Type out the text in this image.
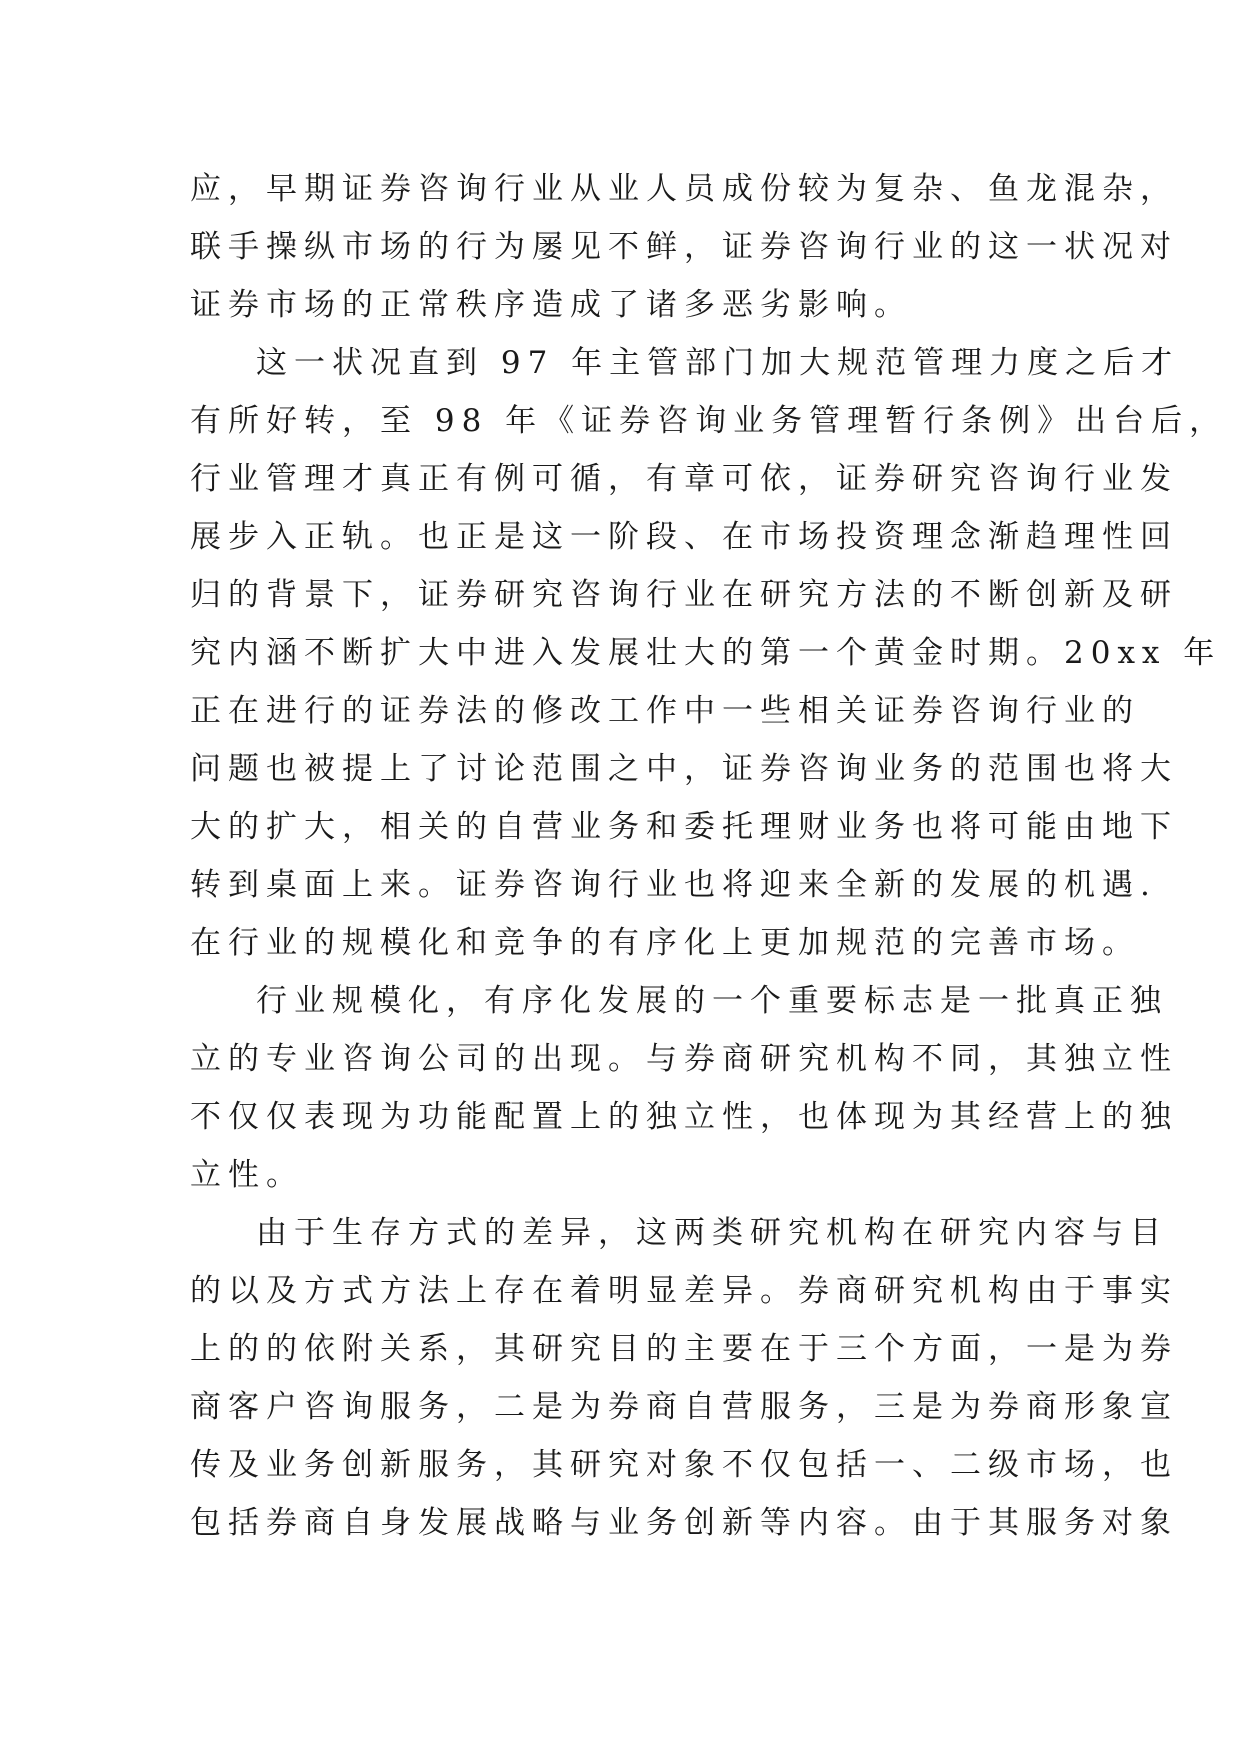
应，早期证券咨询行业从业人员成份较为复杂、鱼龙混杂，
联手操纵市场的行为屡见不鲜，证券咨询行业的这一状况对
证券市场的正常秩序造成了诸多恶劣影响。
这一状况直到 97 年主管部门加大规范管理力度之后才
有所好转，至 98 年《证券咨询业务管理暂行条例》出台后，
行业管理才真正有例可循，有章可依，证券研究咨询行业发
展步入正轨。也正是这一阶段、在市场投资理念渐趋理性回
归的背景下，证券研究咨询行业在研究方法的不断创新及研
究内涵不断扩大中进入发展壮大的第一个黄金时期。20xx 年
正在进行的证券法的修改工作中一些相关证券咨询行业的
问题也被提上了讨论范围之中，证券咨询业务的范围也将大
大的扩大，相关的自营业务和委托理财业务也将可能由地下
转到桌面上来。证券咨询行业也将迎来全新的发展的机遇.
在行业的规模化和竞争的有序化上更加规范的完善市场。
行业规模化，有序化发展的一个重要标志是一批真正独
立的专业咨询公司的出现。与券商研究机构不同，其独立性
不仅仅表现为功能配置上的独立性，也体现为其经营上的独
立性。
由于生存方式的差异，这两类研究机构在研究内容与目
的以及方式方法上存在着明显差异。券商研究机构由于事实
上的的依附关系，其研究目的主要在于三个方面，一是为券
商客户咨询服务，二是为券商自营服务，三是为券商形象宣
传及业务创新服务，其研究对象不仅包括一、二级市场，也
包括券商自身发展战略与业务创新等内容。由于其服务对象
